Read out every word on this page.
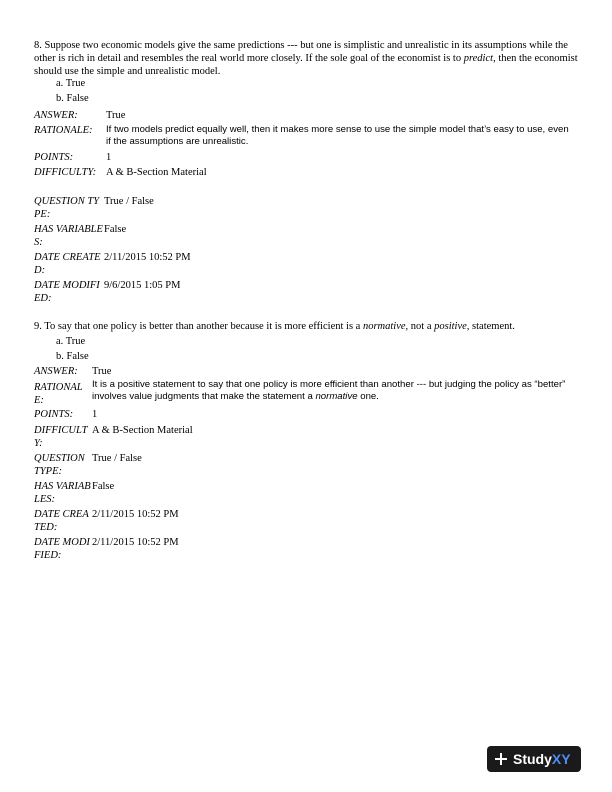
8. Suppose two economic models give the same predictions --- but one is simplistic and unrealistic in its assumptions while the other is rich in detail and resembles the real world more closely. If the sole goal of the economist is to predict, then the economist should use the simple and unrealistic model.
a. True
b. False
ANSWER:	True
RATIONALE:	If two models predict equally well, then it makes more sense to use the simple model that’s easy to use, even if the assumptions are unrealistic.
POINTS:	1
DIFFICULTY: A & B-Section Material
QUESTION TYPE:
True / False
HAS VARIABLES:
False
DATE CREATED:
2/11/2015 10:52 PM
DATE MODIFIED:
9/6/2015 1:05 PM
9. To say that one policy is better than another because it is more efficient is a normative, not a positive, statement.
a. True
b. False
ANSWER:	True
RATIONALE:
It is a positive statement to say that one policy is more efficient than another --- but judging the policy as “better” involves value judgments that make the statement a normative one.
POINTS:	1
DIFFICULTY:
A & B-Section Material
QUESTION TYPE:
True / False
HAS VARIABLES:
False
DATE CREATED:
2/11/2015 10:52 PM
DATE MODIFIED:
2/11/2015 10:52 PM
Study XY
